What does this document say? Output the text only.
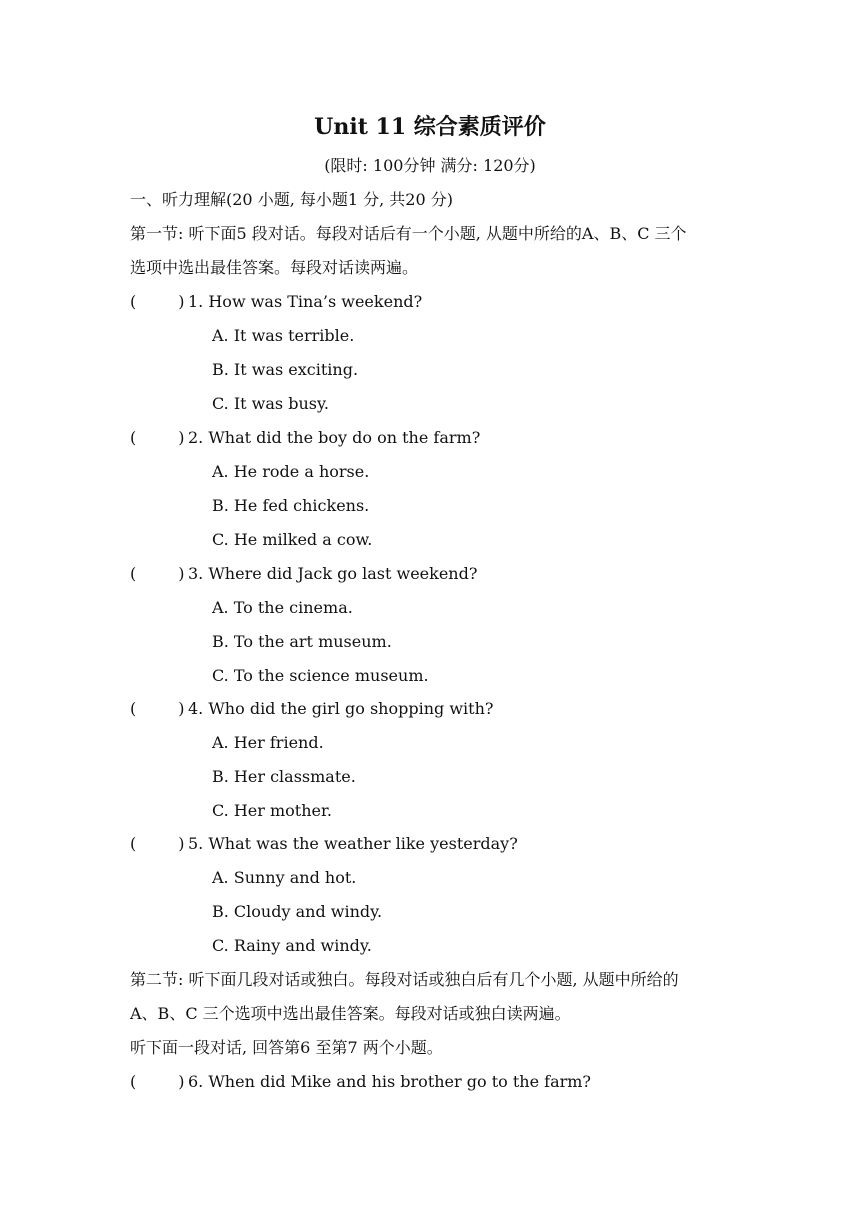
Unit 11 综合素质评价
(限时: 100分钟 满分: 120分)
一、听力理解(20 小题, 每小题1 分, 共20 分)
第一节: 听下面5 段对话。每段对话后有一个小题, 从题中所给的A、B、C 三个
选项中选出最佳答案。每段对话读两遍。
(	) 1. How was Tina’s weekend?
A. It was terrible.
B. It was exciting.
C. It was busy.
(	) 2. What did the boy do on the farm?
A. He rode a horse.
B. He fed chickens.
C. He milked a cow.
(	) 3. Where did Jack go last weekend?
A. To the cinema.
B. To the art museum.
C. To the science museum.
(	) 4. Who did the girl go shopping with?
A. Her friend.
B. Her classmate.
C. Her mother.
(	) 5. What was the weather like yesterday?
A. Sunny and hot.
B. Cloudy and windy.
C. Rainy and windy.
第二节: 听下面几段对话或独白。每段对话或独白后有几个小题, 从题中所给的
A、B、C 三个选项中选出最佳答案。每段对话或独白读两遍。
听下面一段对话, 回答第6 至第7 两个小题。
(	) 6. When did Mike and his brother go to the farm?
